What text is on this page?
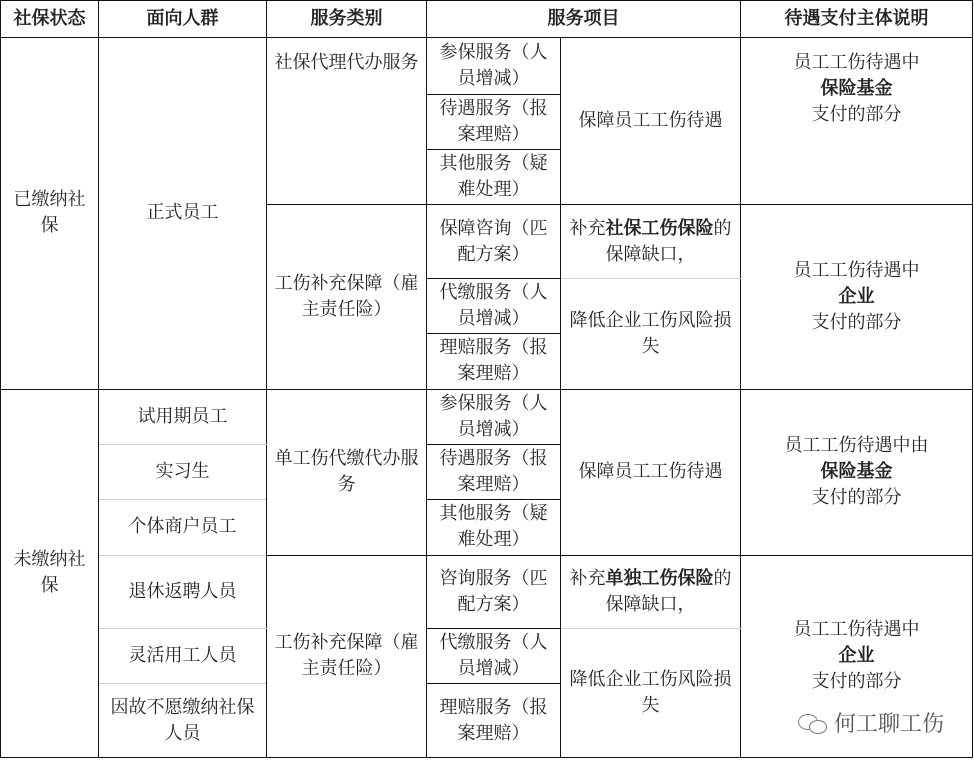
社保状态	面向人群	服务类别	服务项目		待遇支付主体说明
已缴纳社保	正式员工	社保代理代办服务	参保服务（人员增减）	保障员工工伤待遇	员工工伤待遇中
保险基金
支付的部分
			待遇服务（报案理赔）		
			其他服务（疑难处理）		
		工伤补充保障（雇主责任险）	保障咨询（匹配方案）	补充社保工伤保险的保障缺口，	员工工伤待遇中
企业
支付的部分
			代缴服务（人员增减）	降低企业工伤风险损失	
			理赔服务（报案理赔）		
未缴纳社保	试用期员工	单工伤代缴代办服务	参保服务（人员增减）	保障员工工伤待遇	员工工伤待遇中由
保险基金
支付的部分
	实习生		待遇服务（报案理赔）		
	个体商户员工		其他服务（疑难处理）		
	退休返聘人员	工伤补充保障（雇主责任险）	咨询服务（匹配方案）	补充单独工伤保险的保障缺口，	员工工伤待遇中
企业
支付的部分
	灵活用工人员		代缴服务（人员增减）	降低企业工伤风险损失	
	因故不愿缴纳社保人员		理赔服务（报案理赔）			何工聊工伤
